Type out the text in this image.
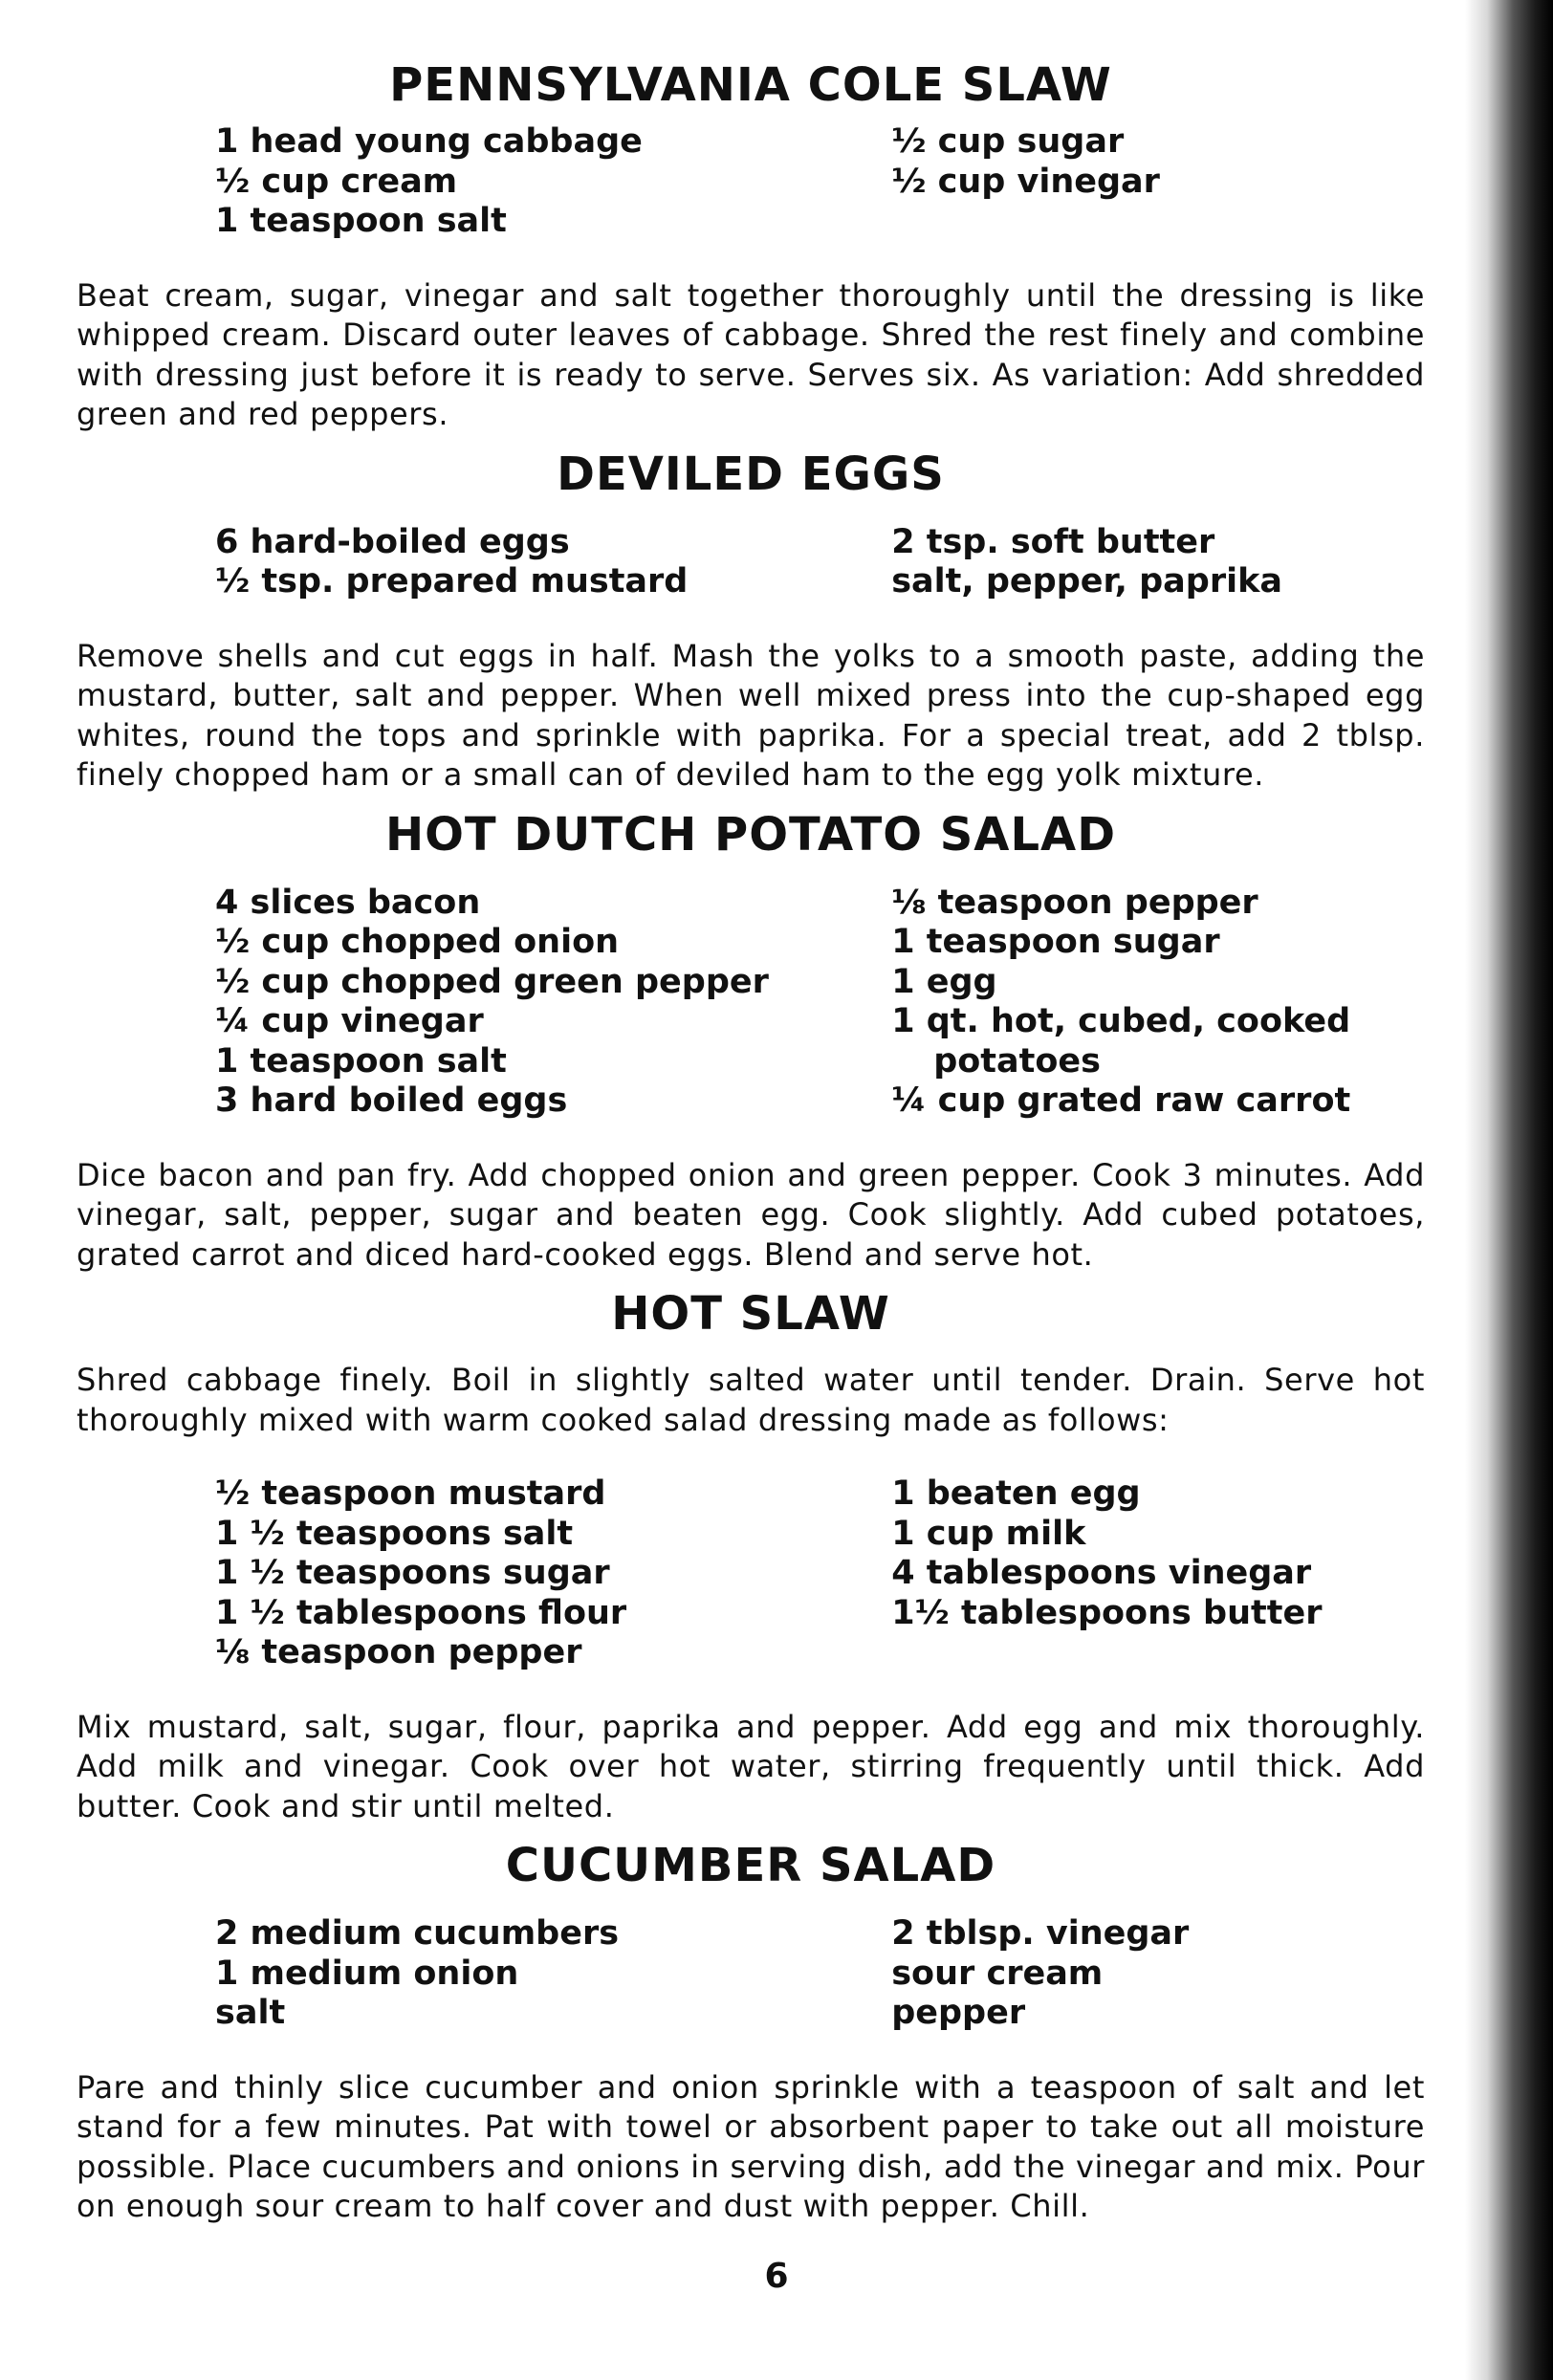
PENNSYLVANIA COLE SLAW
1 head young cabbage
½ cup cream
1 teaspoon salt
½ cup sugar
½ cup vinegar

Beat cream, sugar, vinegar and salt together thoroughly until the dressing is like whipped cream. Discard outer leaves of cabbage. Shred the rest finely and combine with dressing just before it is ready to serve. Serves six. As variation: Add shredded green and red peppers.

DEVILED EGGS
6 hard-boiled eggs
½ tsp. prepared mustard
2 tsp. soft butter
salt, pepper, paprika

Remove shells and cut eggs in half. Mash the yolks to a smooth paste, adding the mustard, butter, salt and pepper. When well mixed press into the cup-shaped egg whites, round the tops and sprinkle with paprika. For a special treat, add 2 tblsp. finely chopped ham or a small can of deviled ham to the egg yolk mixture.

HOT DUTCH POTATO SALAD
4 slices bacon
½ cup chopped onion
½ cup chopped green pepper
¼ cup vinegar
1 teaspoon salt
3 hard boiled eggs
⅛ teaspoon pepper
1 teaspoon sugar
1 egg
1 qt. hot, cubed, cooked
potatoes
¼ cup grated raw carrot

Dice bacon and pan fry. Add chopped onion and green pepper. Cook 3 minutes. Add vinegar, salt, pepper, sugar and beaten egg. Cook slightly. Add cubed potatoes, grated carrot and diced hard-cooked eggs. Blend and serve hot.

HOT SLAW

Shred cabbage finely. Boil in slightly salted water until tender. Drain. Serve hot thoroughly mixed with warm cooked salad dressing made as follows:

½ teaspoon mustard
1 ½ teaspoons salt
1 ½ teaspoons sugar
1 ½ tablespoons flour
⅛ teaspoon pepper
1 beaten egg
1 cup milk
4 tablespoons vinegar
1½ tablespoons butter

Mix mustard, salt, sugar, flour, paprika and pepper. Add egg and mix thoroughly. Add milk and vinegar. Cook over hot water, stirring frequently until thick. Add butter. Cook and stir until melted.

CUCUMBER SALAD
2 medium cucumbers
1 medium onion
salt
2 tblsp. vinegar
sour cream
pepper

Pare and thinly slice cucumber and onion sprinkle with a teaspoon of salt and let stand for a few minutes. Pat with towel or absorbent paper to take out all moisture possible. Place cucumbers and onions in serving dish, add the vinegar and mix. Pour on enough sour cream to half cover and dust with pepper. Chill.

6
